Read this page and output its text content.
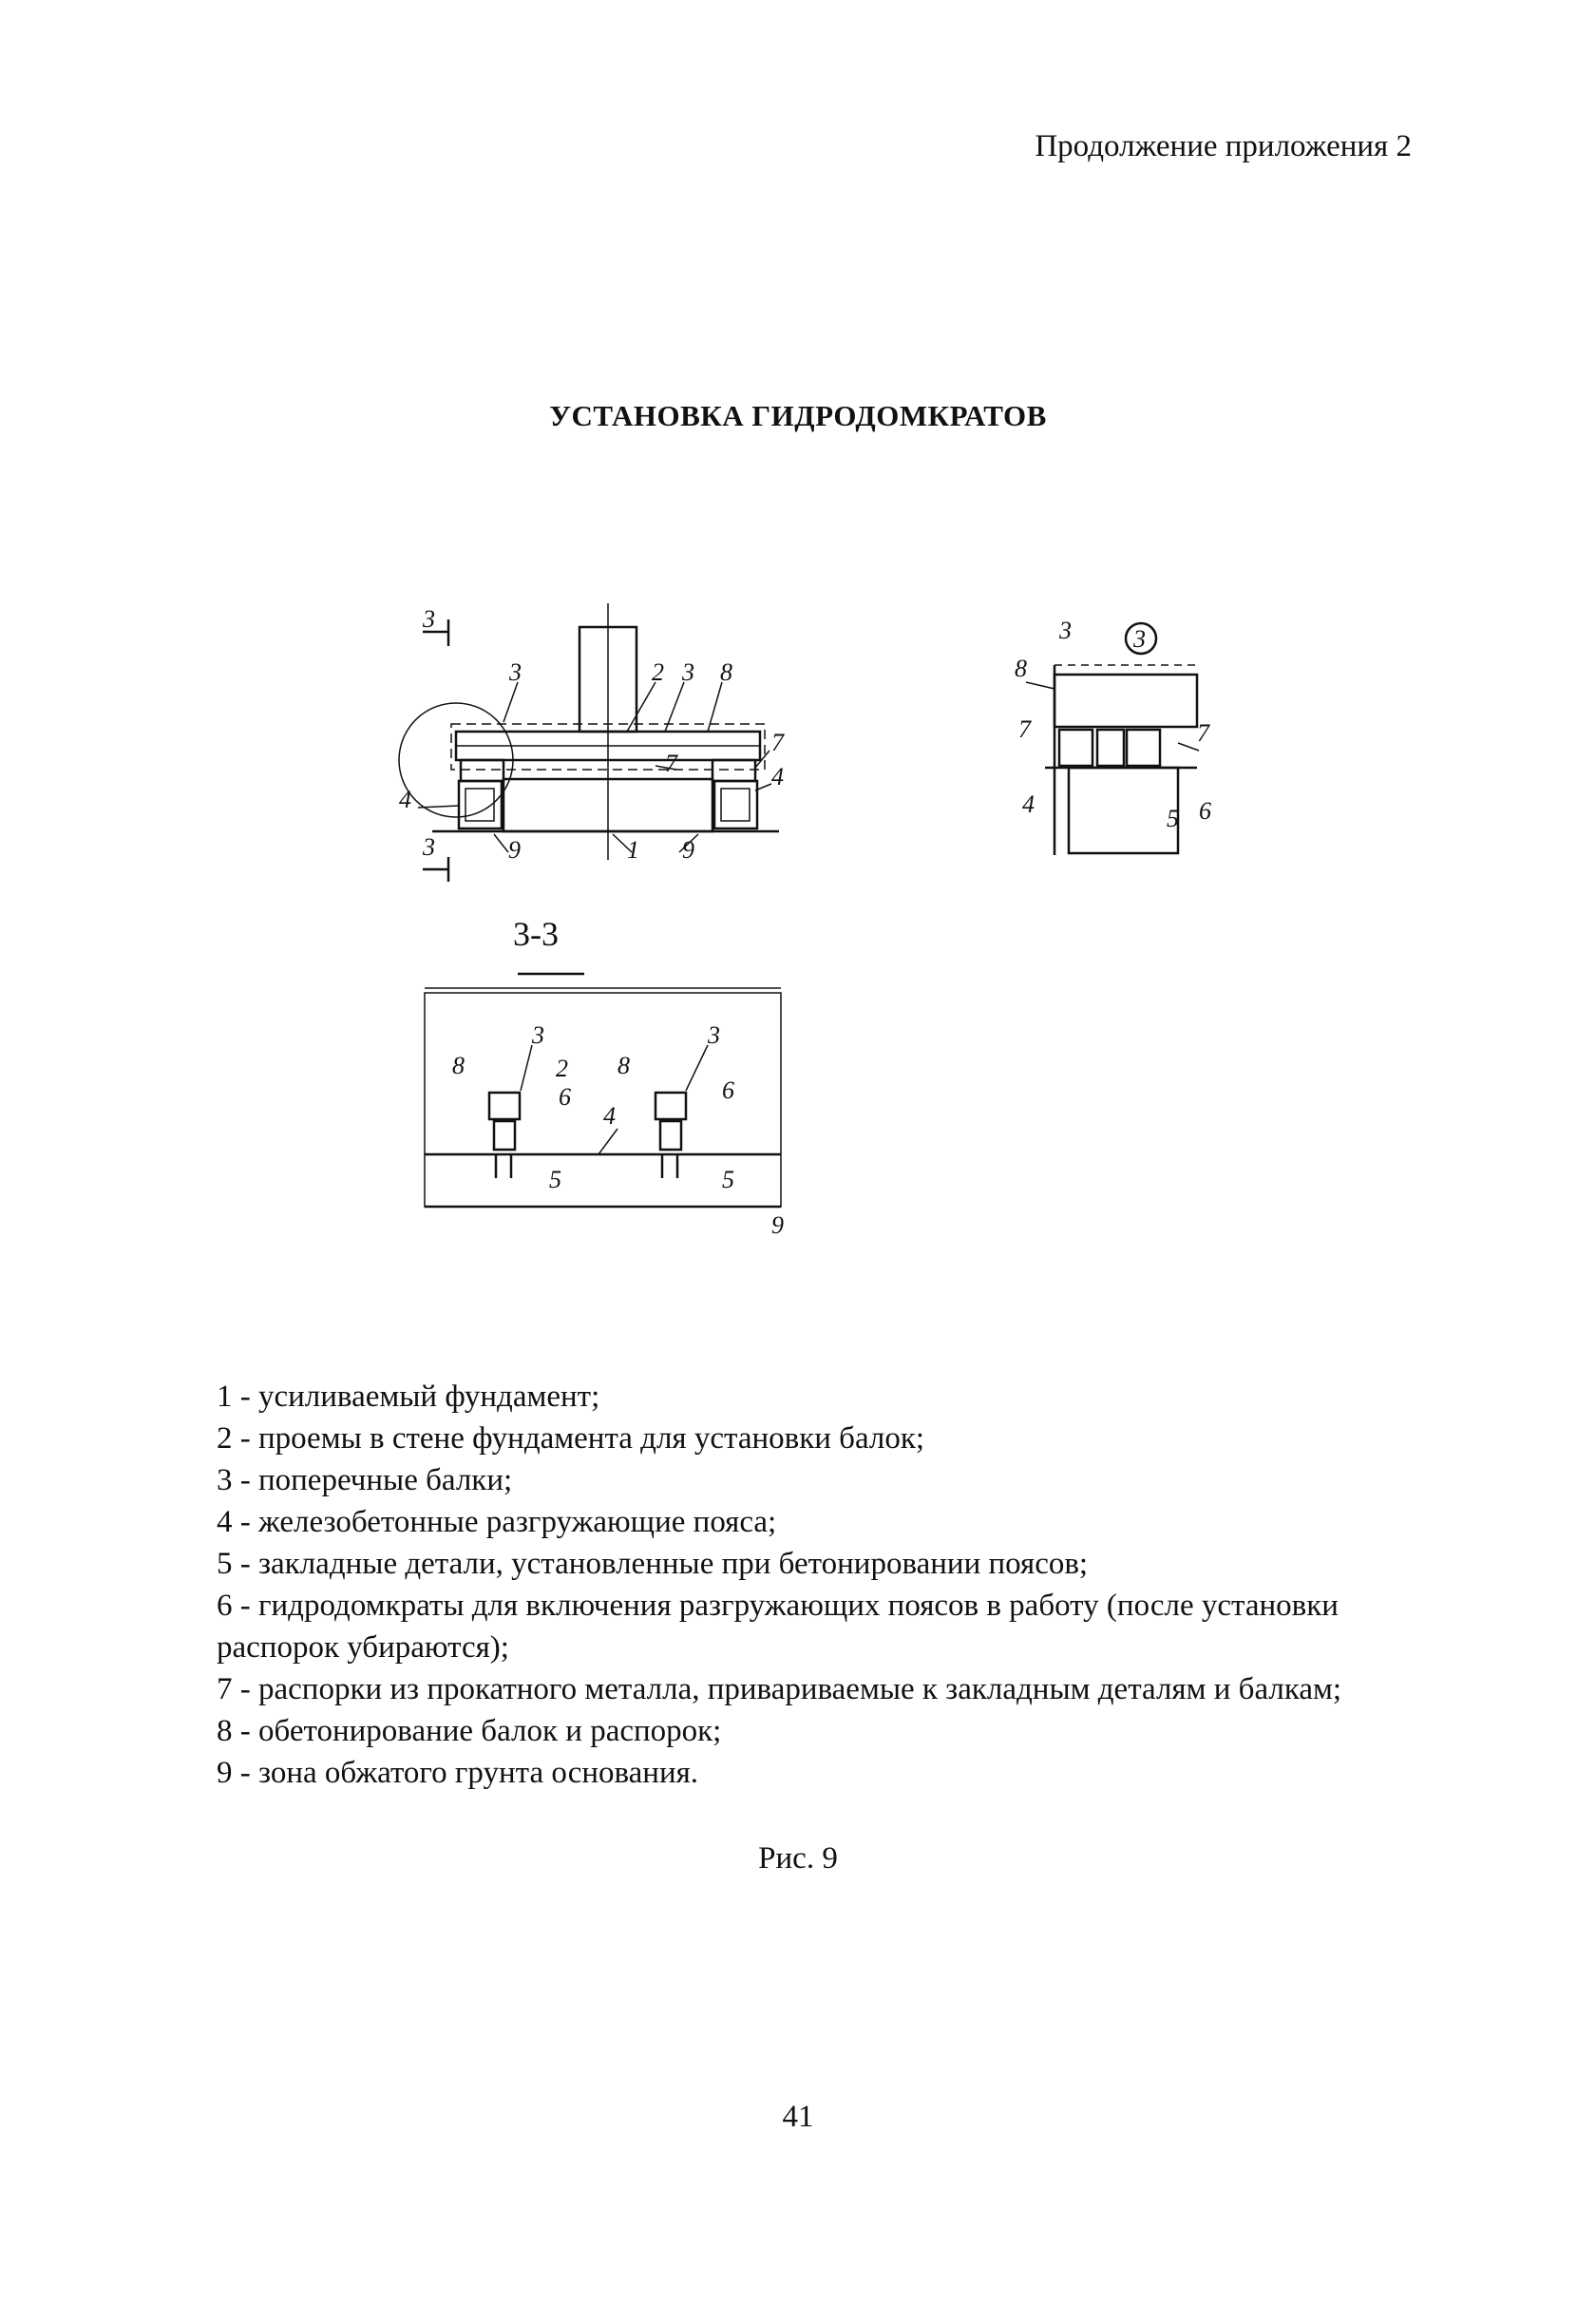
Продолжение приложения 2
УСТАНОВКА ГИДРОДОМКРАТОВ
3
3	2 3 8
7
7	4
4
3	9	1 9
3
3
8
7	7
4
5 6
8
3
2
6
4
8
3
6
5	5
9
3-3
1 - усиливаемый фундамент;
2 - проемы в стене фундамента для установки балок;
3 - поперечные балки;
4 - железобетонные разгружающие пояса;
5 - закладные детали, установленные при бетонировании поясов;
6 - гидродомкраты для включения разгружающих поясов в работу (после установки распорок убираются);
7 - распорки из прокатного металла, привариваемые к закладным деталям и балкам;
8 - обетонирование балок и распорок;
9 - зона обжатого грунта основания.
Рис. 9
41
